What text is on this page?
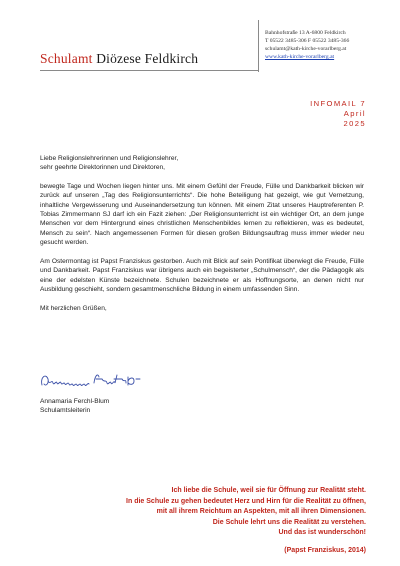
Schulamt Diözese Feldkirch
Bahnhofstraße 13 A-6800 Feldkirch
T 05522 3485-306 F 05522 3485-366
schulamt@kath-kirche-vorarlberg.at
www.kath-kirche-vorarlberg.at
INFOMAIL 7
April
2025

Liebe Religionslehrerinnen und Religionslehrer,

sehr geehrte Direktorinnen und Direktoren,

bewegte Tage und Wochen liegen hinter uns. Mit einem Gefühl der Freude, Fülle und Dankbarkeit blicken wir zurück auf unseren „Tag des Religionsunterrichts“. Die hohe Beteiligung hat gezeigt, wie gut Vernetzung, inhaltliche Vergewisserung und Auseinandersetzung tun können. Mit einem Zitat unseres Hauptreferenten P. Tobias Zimmermann SJ darf ich ein Fazit ziehen: „Der Religionsunterricht ist ein wichtiger Ort, an dem junge Menschen vor dem Hintergrund eines christlichen Menschenbildes lernen zu reflektieren, was es bedeutet, Mensch zu sein“. Nach angemessenen Formen für diesen großen Bildungsauftrag muss immer wieder neu gesucht werden.

Am Ostermontag ist Papst Franziskus gestorben. Auch mit Blick auf sein Pontifikat überwiegt die Freude, Fülle und Dankbarkeit. Papst Franziskus war übrigens auch ein begeisterter „Schulmensch“, der die Pädagogik als eine der edelsten Künste bezeichnete. Schulen bezeichnete er als Hoffnungsorte, an denen nicht nur Ausbildung geschieht, sondern gesamtmenschliche Bildung in einem umfassenden Sinn.

Mit herzlichen Grüßen,

Annamaria Ferchl-Blum
Schulamtsleiterin
Ich liebe die Schule, weil sie für Öffnung zur Realität steht.
In die Schule zu gehen bedeutet Herz und Hirn für die Realität zu öffnen,
mit all ihrem Reichtum an Aspekten, mit all ihren Dimensionen.
Die Schule lehrt uns die Realität zu verstehen.
Und das ist wunderschön!
(Papst Franziskus, 2014)
